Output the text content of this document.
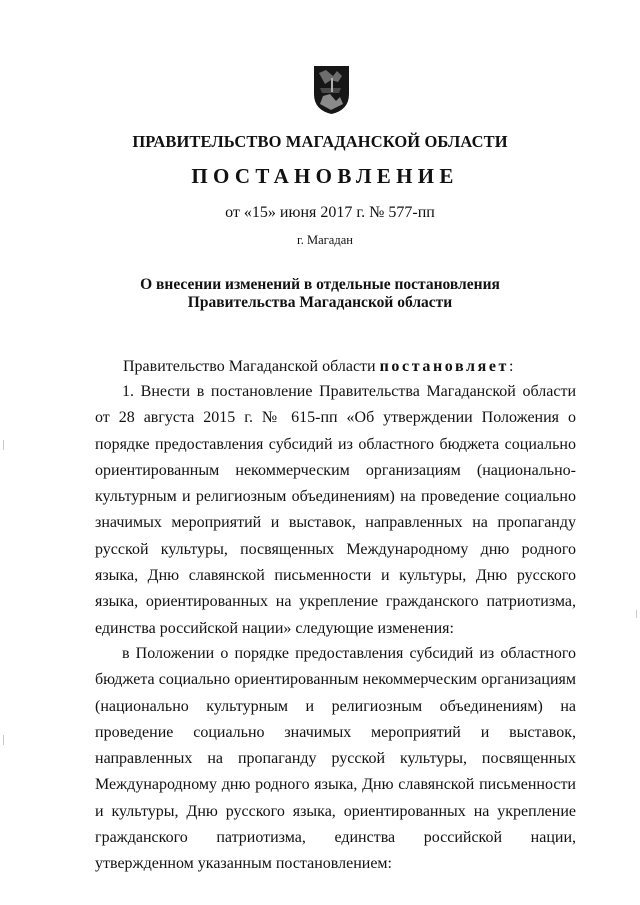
ПРАВИТЕЛЬСТВО МАГАДАНСКОЙ ОБЛАСТИ
ПОСТАНОВЛЕНИЕ
от «15» июня 2017 г. № 577-пп
г. Магадан
О внесении изменений в отдельные постановления
Правительства Магаданской области
Правительство Магаданской области постановляет:
1. Внести в постановление Правительства Магаданской области от 28 августа 2015 г. № 615-пп «Об утверждении Положения о порядке предоставления субсидий из областного бюджета социально ориентированным некоммерческим организациям (национально-культурным и религиозным объединениям) на проведение социально значимых мероприятий и выставок, направленных на пропаганду русской культуры, посвященных Международному дню родного языка, Дню славянской письменности и культуры, Дню русского языка, ориентированных на укрепление гражданского патриотизма, единства российской нации» следующие изменения:
в Положении о порядке предоставления субсидий из областного бюджета социально ориентированным некоммерческим организациям (национально культурным и религиозным объединениям) на проведение социально значимых мероприятий и выставок, направленных на пропаганду русской культуры, посвященных Международному дню родного языка, Дню славянской письменности и культуры, Дню русского языка, ориентированных на укрепление гражданского патриотизма, единства российской нации, утвержденном указанным постановлением:
